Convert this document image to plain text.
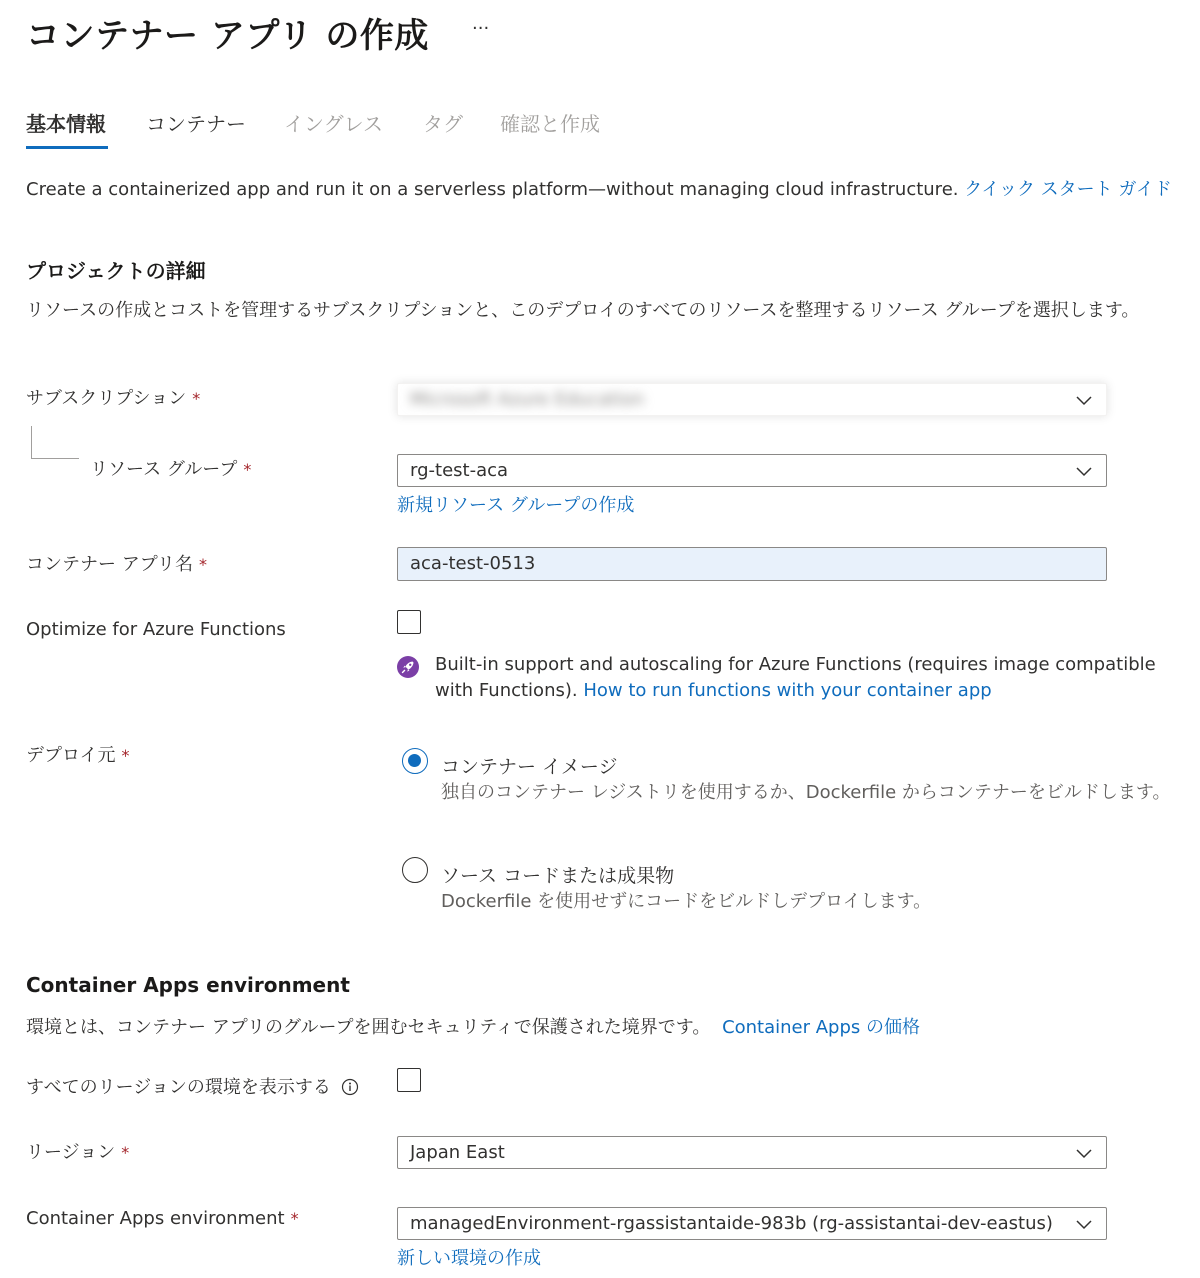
コンテナー アプリ の作成 ···
基本情報 コンテナー イングレス タグ 確認と作成
Create a containerized app and run it on a serverless platform—without managing cloud infrastructure. クイック スタート ガイド
プロジェクトの詳細
リソースの作成とコストを管理するサブスクリプションと、このデプロイのすべてのリソースを整理するリソース グループを選択します。
サブスクリプション *	Microsoft Azure Education
リソース グループ *	rg-test-aca
新規リソース グループの作成
コンテナー アプリ名 *	aca-test-0513
Optimize for Azure Functions
Built-in support and autoscaling for Azure Functions (requires image compatible with Functions). How to run functions with your container app
デプロイ元 *
コンテナー イメージ
独自のコンテナー レジストリを使用するか、Dockerfile からコンテナーをビルドします。
ソース コードまたは成果物
Dockerfile を使用せずにコードをビルドしデプロイします。
Container Apps environment
環境とは、コンテナー アプリのグループを囲むセキュリティで保護された境界です。 Container Apps の価格
すべてのリージョンの環境を表示する
リージョン *	Japan East
Container Apps environment *	managedEnvironment-rgassistantaide-983b (rg-assistantai-dev-eastus)
新しい環境の作成
